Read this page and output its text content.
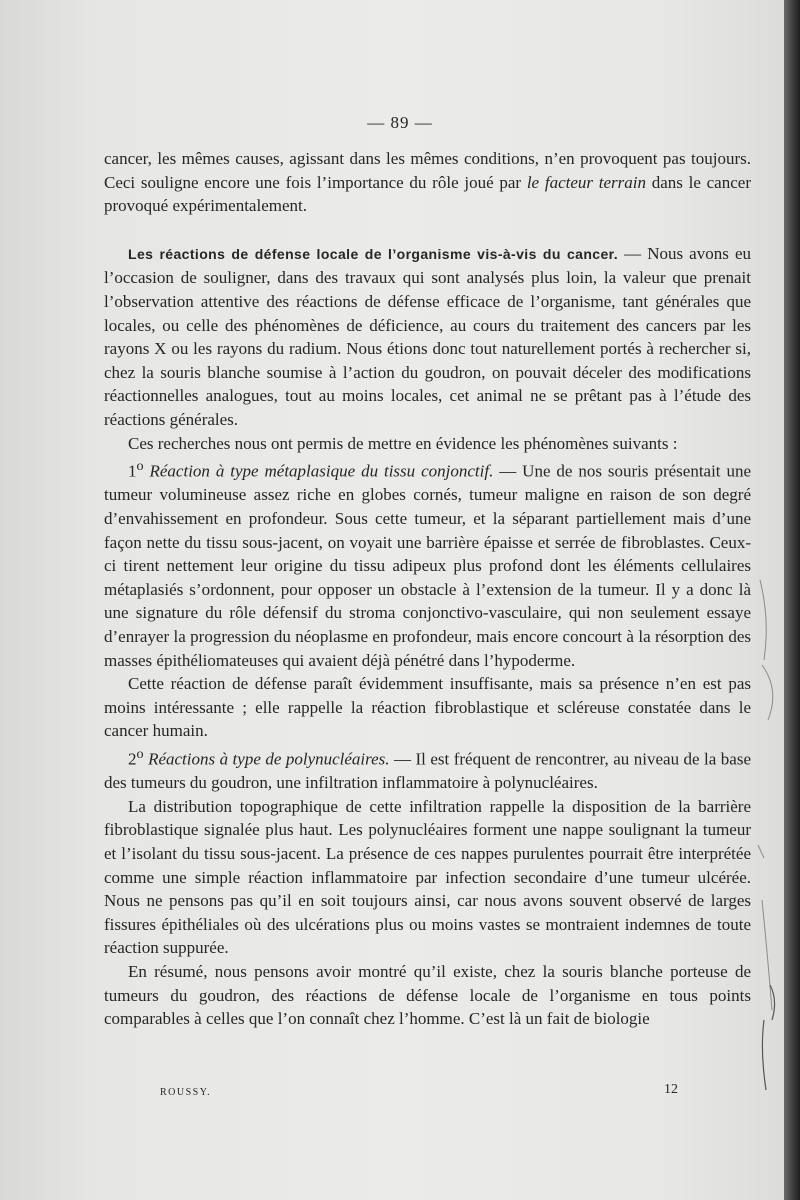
— 89 —

cancer, les mêmes causes, agissant dans les mêmes conditions, n’en provoquent pas toujours. Ceci souligne encore une fois l’importance du rôle joué par le facteur terrain dans le cancer provoqué expérimentalement.

Les réactions de défense locale de l’organisme vis-à-vis du cancer. — Nous avons eu l’occasion de souligner, dans des travaux qui sont analysés plus loin, la valeur que prenait l’observation attentive des réactions de défense efficace de l’organisme, tant générales que locales, ou celle des phénomènes de déficience, au cours du traitement des cancers par les rayons X ou les rayons du radium. Nous étions donc tout naturellement portés à rechercher si, chez la souris blanche soumise à l’action du goudron, on pouvait déceler des modifications réactionnelles analogues, tout au moins locales, cet animal ne se prêtant pas à l’étude des réactions générales.

Ces recherches nous ont permis de mettre en évidence les phénomènes suivants :

1$^o$ Réaction à type métaplasique du tissu conjonctif. — Une de nos souris présentait une tumeur volumineuse assez riche en globes cornés, tumeur maligne en raison de son degré d’envahissement en profondeur. Sous cette tumeur, et la séparant partiellement mais d’une façon nette du tissu sous-jacent, on voyait une barrière épaisse et serrée de fibroblastes. Ceux-ci tirent nettement leur origine du tissu adipeux plus profond dont les éléments cellulaires métaplasiés s’ordonnent, pour opposer un obstacle à l’extension de la tumeur. Il y a donc là une signature du rôle défensif du stroma conjonctivo-vasculaire, qui non seulement essaye d’enrayer la progression du néoplasme en profondeur, mais encore concourt à la résorption des masses épithéliomateuses qui avaient déjà pénétré dans l’hypoderme.

Cette réaction de défense paraît évidemment insuffisante, mais sa présence n’en est pas moins intéressante ; elle rappelle la réaction fibroblastique et scléreuse constatée dans le cancer humain.

2$^o$ Réactions à type de polynucléaires. — Il est fréquent de rencontrer, au niveau de la base des tumeurs du goudron, une infiltration inflammatoire à polynucléaires.

La distribution topographique de cette infiltration rappelle la disposition de la barrière fibroblastique signalée plus haut. Les polynucléaires forment une nappe soulignant la tumeur et l’isolant du tissu sous-jacent. La présence de ces nappes purulentes pourrait être interprétée comme une simple réaction inflammatoire par infection secondaire d’une tumeur ulcérée. Nous ne pensons pas qu’il en soit toujours ainsi, car nous avons souvent observé de larges fissures épithéliales où des ulcérations plus ou moins vastes se montraient indemnes de toute réaction suppurée.

En résumé, nous pensons avoir montré qu’il existe, chez la souris blanche porteuse de tumeurs du goudron, des réactions de défense locale de l’organisme en tous points comparables à celles que l’on connaît chez l’homme. C’est là un fait de biologie

ROUSSY.	12
